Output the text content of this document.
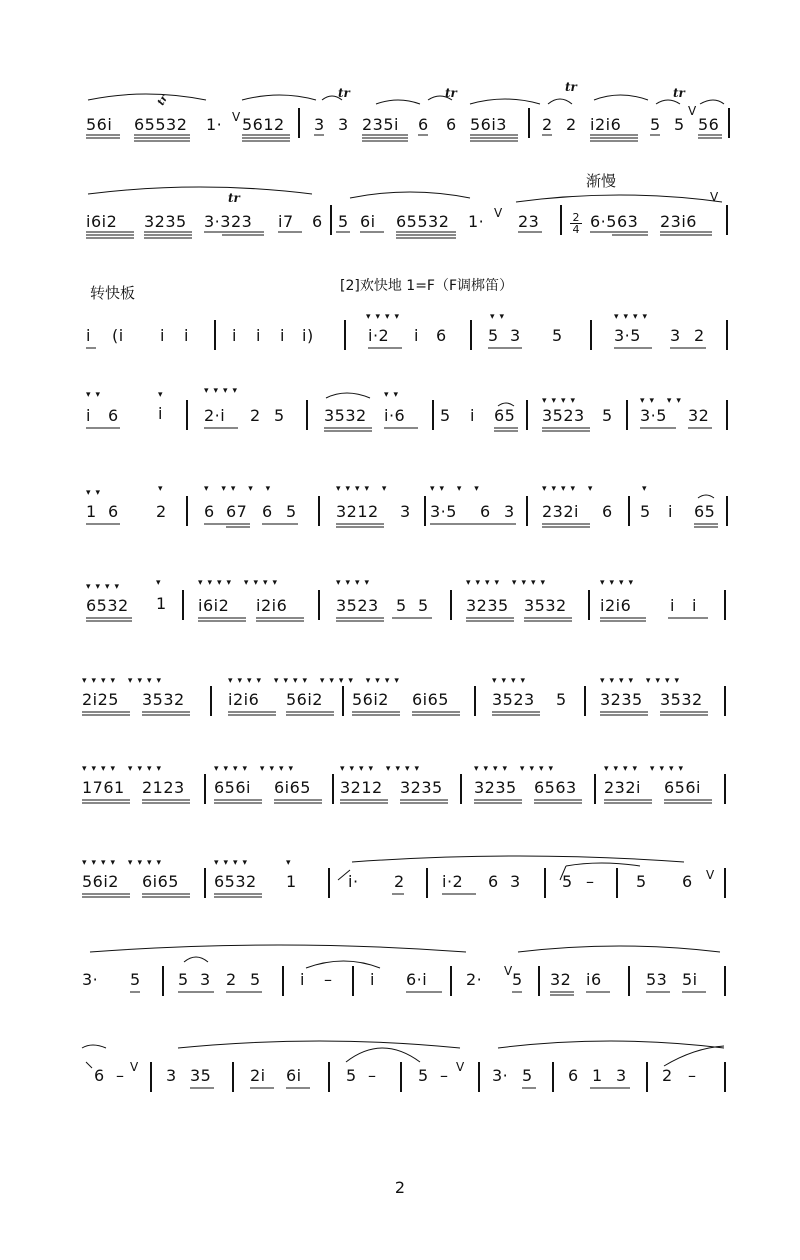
渐慢
转快板	[2]欢快地 1=F（F调梆笛）
tr	tr	tr	tr
tr
tr
V	V
V
V
V
V
V	V
2
4
56i 65532 1· 5612 3 3 235i 6 6 56i3 2 2 i2i6 5 5 56
i6i2 3235 3·323 i7 6 5 6i 65532 1· 23	6·563 23i6
▾▾▾▾	▾▾	▾▾▾▾
i (i i i	i i i i)	i·2 i 6	5 3 5	3·5 3 2
▾▾	▾	▾▾▾▾	▾▾
▾▾▾▾	▾▾ ▾▾
i 6 i	2·i 2 5 3532 i·6 5 i 65 3523 5 3·5 32
▾▾	▾	▾ ▾▾ ▾ ▾	▾▾▾▾ ▾	▾▾ ▾ ▾	▾▾▾▾ ▾	▾
1 6 2 6 67 6 5 3212 3 3·5 6 3 232i 6 5 i 65
▾▾▾▾	▾	▾▾▾▾ ▾▾▾▾	▾▾▾▾	▾▾▾▾ ▾▾▾▾	▾▾▾▾
6532 1 i6i2 i2i6	3523 5 5 3235 3532 i2i6 i i
▾▾▾▾ ▾▾▾▾	▾▾▾▾ ▾▾▾▾ ▾▾▾▾ ▾▾▾▾	▾▾▾▾	▾▾▾▾ ▾▾▾▾
2i25 3532	i2i6 56i2 56i2 6i65	3523 5 3235 3532
▾▾▾▾ ▾▾▾▾	▾▾▾▾ ▾▾▾▾	▾▾▾▾ ▾▾▾▾	▾▾▾▾ ▾▾▾▾	▾▾▾▾ ▾▾▾▾
1761 2123 656i 6i65 3212 3235 3235 6563 232i 656i
▾▾▾▾ ▾▾▾▾	▾▾▾▾	▾
56i2 6i65 6532 1	i· 2 i·2 6 3	5 –	5 6
3· 5 5 3 2 5 i – i 6·i 2· 5 32 i6	53 5i
6 –	3 35 2i 6i	5 –	5 –	3· 5 6 1 3 2 –
2
